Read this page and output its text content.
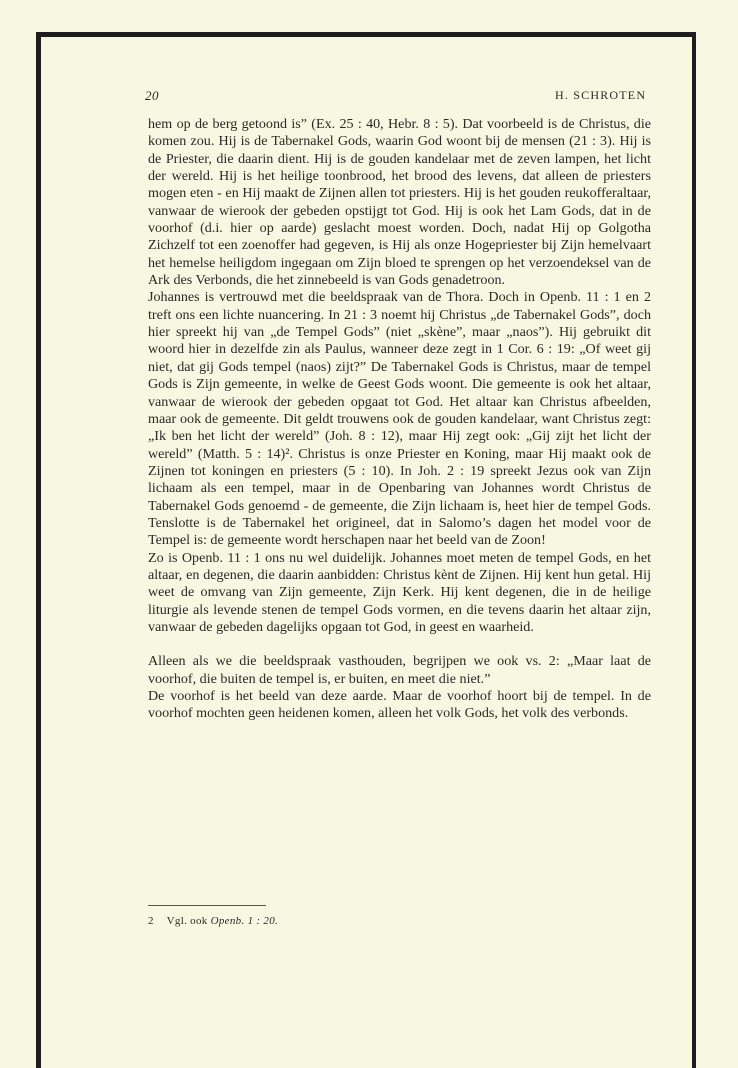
20	H. SCHROTEN

hem op de berg getoond is” (Ex. 25 : 40, Hebr. 8 : 5). Dat voorbeeld is de Christus, die komen zou. Hij is de Tabernakel Gods, waarin God woont bij de mensen (21 : 3). Hij is de Priester, die daarin dient. Hij is de gouden kandelaar met de zeven lampen, het licht der wereld. Hij is het heilige toonbrood, het brood des levens, dat alleen de priesters mogen eten - en Hij maakt de Zijnen allen tot priesters. Hij is het gouden reukofferaltaar, vanwaar de wierook der gebeden opstijgt tot God. Hij is ook het Lam Gods, dat in de voorhof (d.i. hier op aarde) geslacht moest worden. Doch, nadat Hij op Golgotha Zichzelf tot een zoenoffer had gegeven, is Hij als onze Hogepriester bij Zijn hemelvaart het hemelse heiligdom ingegaan om Zijn bloed te sprengen op het verzoendeksel van de Ark des Verbonds, die het zinnebeeld is van Gods genadetroon.

Johannes is vertrouwd met die beeldspraak van de Thora. Doch in Openb. 11 : 1 en 2 treft ons een lichte nuancering. In 21 : 3 noemt hij Christus „de Tabernakel Gods”, doch hier spreekt hij van „de Tempel Gods” (niet „skène”, maar „naos”). Hij gebruikt dit woord hier in dezelfde zin als Paulus, wanneer deze zegt in 1 Cor. 6 : 19: „Of weet gij niet, dat gij Gods tempel (naos) zijt?” De Tabernakel Gods is Christus, maar de tempel Gods is Zijn gemeente, in welke de Geest Gods woont. Die gemeente is ook het altaar, vanwaar de wierook der gebeden opgaat tot God. Het altaar kan Christus afbeelden, maar ook de gemeente. Dit geldt trouwens ook de gouden kandelaar, want Christus zegt: „Ik ben het licht der wereld” (Joh. 8 : 12), maar Hij zegt ook: „Gij zijt het licht der wereld” (Matth. 5 : 14)². Christus is onze Priester en Koning, maar Hij maakt ook de Zijnen tot koningen en priesters (5 : 10). In Joh. 2 : 19 spreekt Jezus ook van Zijn lichaam als een tempel, maar in de Openbaring van Johannes wordt Christus de Tabernakel Gods genoemd - de gemeente, die Zijn lichaam is, heet hier de tempel Gods. Tenslotte is de Tabernakel het origineel, dat in Salomo’s dagen het model voor de Tempel is: de gemeente wordt herschapen naar het beeld van de Zoon!

Zo is Openb. 11 : 1 ons nu wel duidelijk. Johannes moet meten de tempel Gods, en het altaar, en degenen, die daarin aanbidden: Christus kènt de Zijnen. Hij kent hun getal. Hij weet de omvang van Zijn gemeente, Zijn Kerk. Hij kent degenen, die in de heilige liturgie als levende stenen de tempel Gods vormen, en die tevens daarin het altaar zijn, vanwaar de gebeden dagelijks opgaan tot God, in geest en waarheid.

Alleen als we die beeldspraak vasthouden, begrijpen we ook vs. 2: „Maar laat de voorhof, die buiten de tempel is, er buiten, en meet die niet.”

De voorhof is het beeld van deze aarde. Maar de voorhof hoort bij de tempel. In de voorhof mochten geen heidenen komen, alleen het volk Gods, het volk des verbonds.

2 Vgl. ook Openb. 1 : 20.
